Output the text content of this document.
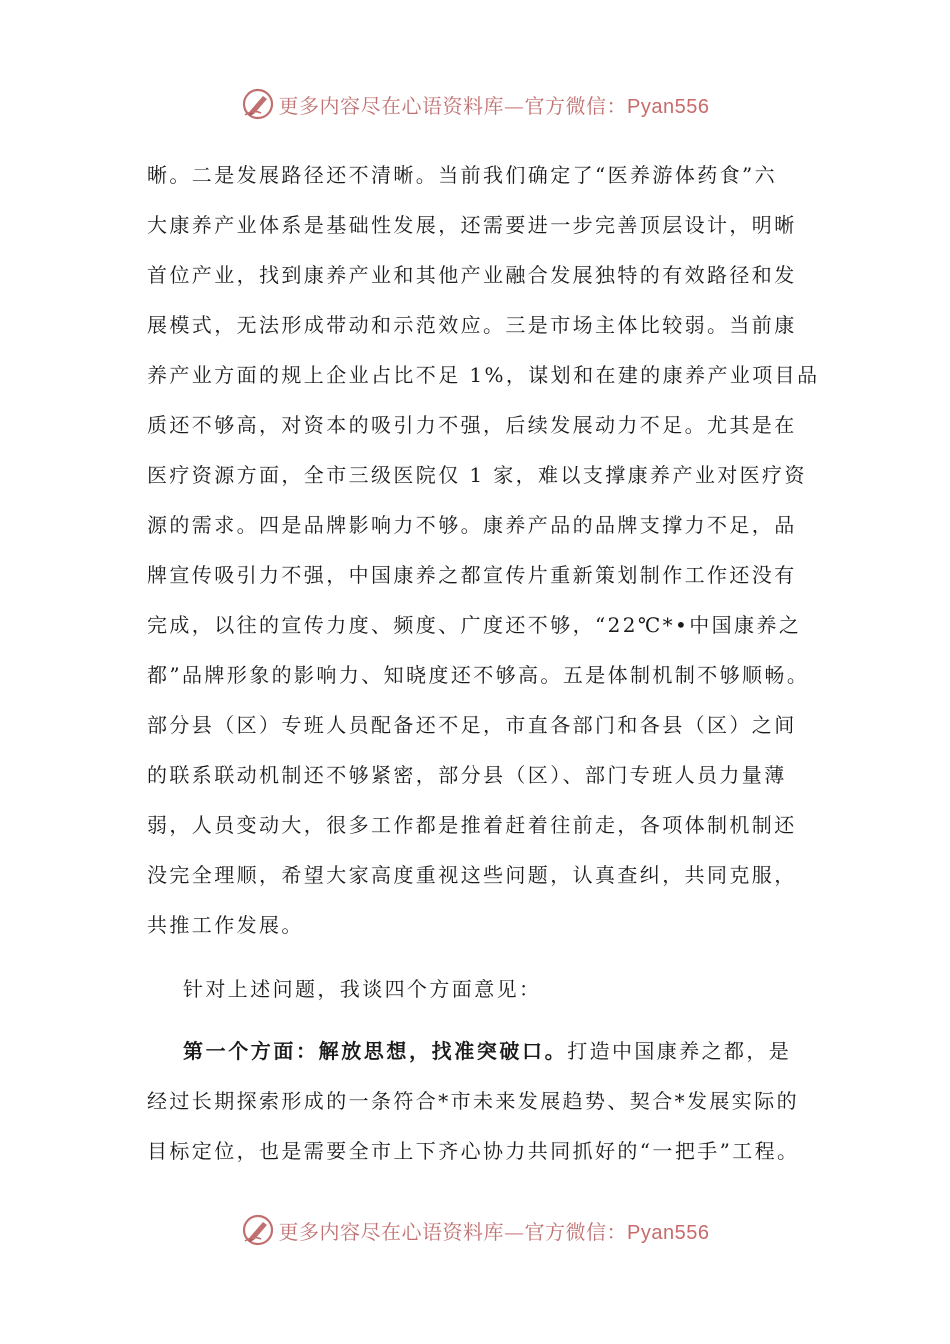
更多内容尽在心语资料库—官方微信：Pyan556
晰。二是发展路径还不清晰。当前我们确定了“医养游体药食”六
大康养产业体系是基础性发展，还需要进一步完善顶层设计，明晰
首位产业，找到康养产业和其他产业融合发展独特的有效路径和发
展模式，无法形成带动和示范效应。三是市场主体比较弱。当前康
养产业方面的规上企业占比不足 1%，谋划和在建的康养产业项目品
质还不够高，对资本的吸引力不强，后续发展动力不足。尤其是在
医疗资源方面，全市三级医院仅 1 家，难以支撑康养产业对医疗资
源的需求。四是品牌影响力不够。康养产品的品牌支撑力不足，品
牌宣传吸引力不强，中国康养之都宣传片重新策划制作工作还没有
完成，以往的宣传力度、频度、广度还不够，“22℃*•中国康养之
都”品牌形象的影响力、知晓度还不够高。五是体制机制不够顺畅。
部分县（区）专班人员配备还不足，市直各部门和各县（区）之间
的联系联动机制还不够紧密，部分县（区）、部门专班人员力量薄
弱，人员变动大，很多工作都是推着赶着往前走，各项体制机制还
没完全理顺，希望大家高度重视这些问题，认真查纠，共同克服，
共推工作发展。
针对上述问题，我谈四个方面意见：
第一个方面：解放思想，找准突破口。打造中国康养之都，是
经过长期探索形成的一条符合*市未来发展趋势、契合*发展实际的
目标定位，也是需要全市上下齐心协力共同抓好的“一把手”工程。
更多内容尽在心语资料库—官方微信：Pyan556
